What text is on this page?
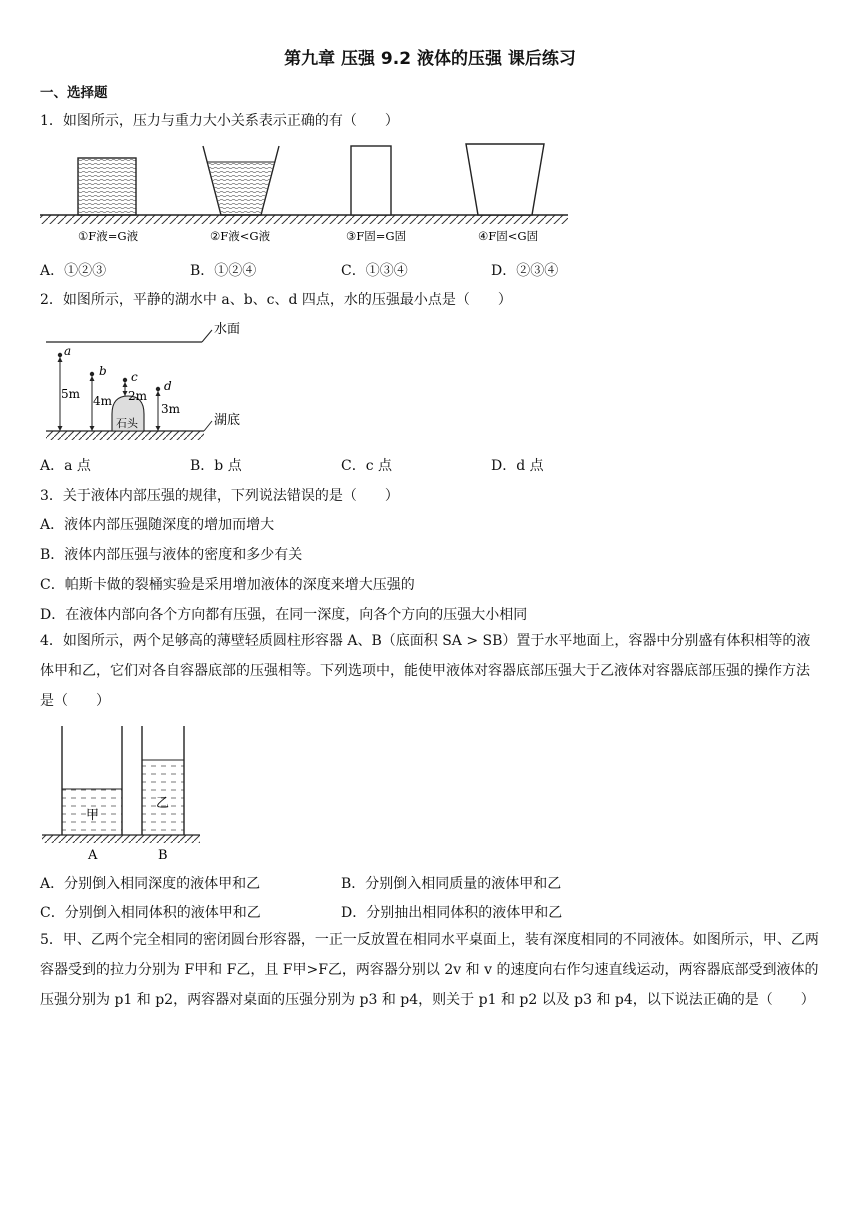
第九章 压强 9.2 液体的压强 课后练习
一、选择题
1．如图所示，压力与重力大小关系表示正确的有（　　）
①F液=G液	②F液<G液	③F固=G固	④F固<G固
A．①②③	B．①②④	C．①③④	D．②③④
2．如图所示，平静的湖水中 a、b、c、d 四点，水的压强最小点是（　　）
水面
湖底
石头
a
5m
b
4m
c
2m
d
3m
A．a 点	B．b 点	C．c 点	D．d 点
3．关于液体内部压强的规律，下列说法错误的是（　　）
A．液体内部压强随深度的增加而增大
B．液体内部压强与液体的密度和多少有关
C．帕斯卡做的裂桶实验是采用增加液体的深度来增大压强的
D．在液体内部向各个方向都有压强，在同一深度，向各个方向的压强大小相同
4．如图所示，两个足够高的薄壁轻质圆柱形容器 A、B（底面积 SA > SB）置于水平地面上，容器中分别盛有体积相等的液体甲和乙，它们对各自容器底部的压强相等。下列选项中，能使甲液体对容器底部压强大于乙液体对容器底部压强的操作方法是（　　）
甲
乙
A	B
A．分别倒入相同深度的液体甲和乙	B．分别倒入相同质量的液体甲和乙
C．分别倒入相同体积的液体甲和乙	D．分别抽出相同体积的液体甲和乙
5．甲、乙两个完全相同的密闭圆台形容器，一正一反放置在相同水平桌面上，装有深度相同的不同液体。如图所示，甲、乙两容器受到的拉力分别为 F甲和 F乙，且 F甲>F乙，两容器分别以 2v 和 v 的速度向右作匀速直线运动，两容器底部受到液体的压强分别为 p1 和 p2，两容器对桌面的压强分别为 p3 和 p4，则关于 p1 和 p2 以及 p3 和 p4，以下说法正确的是（　　）
